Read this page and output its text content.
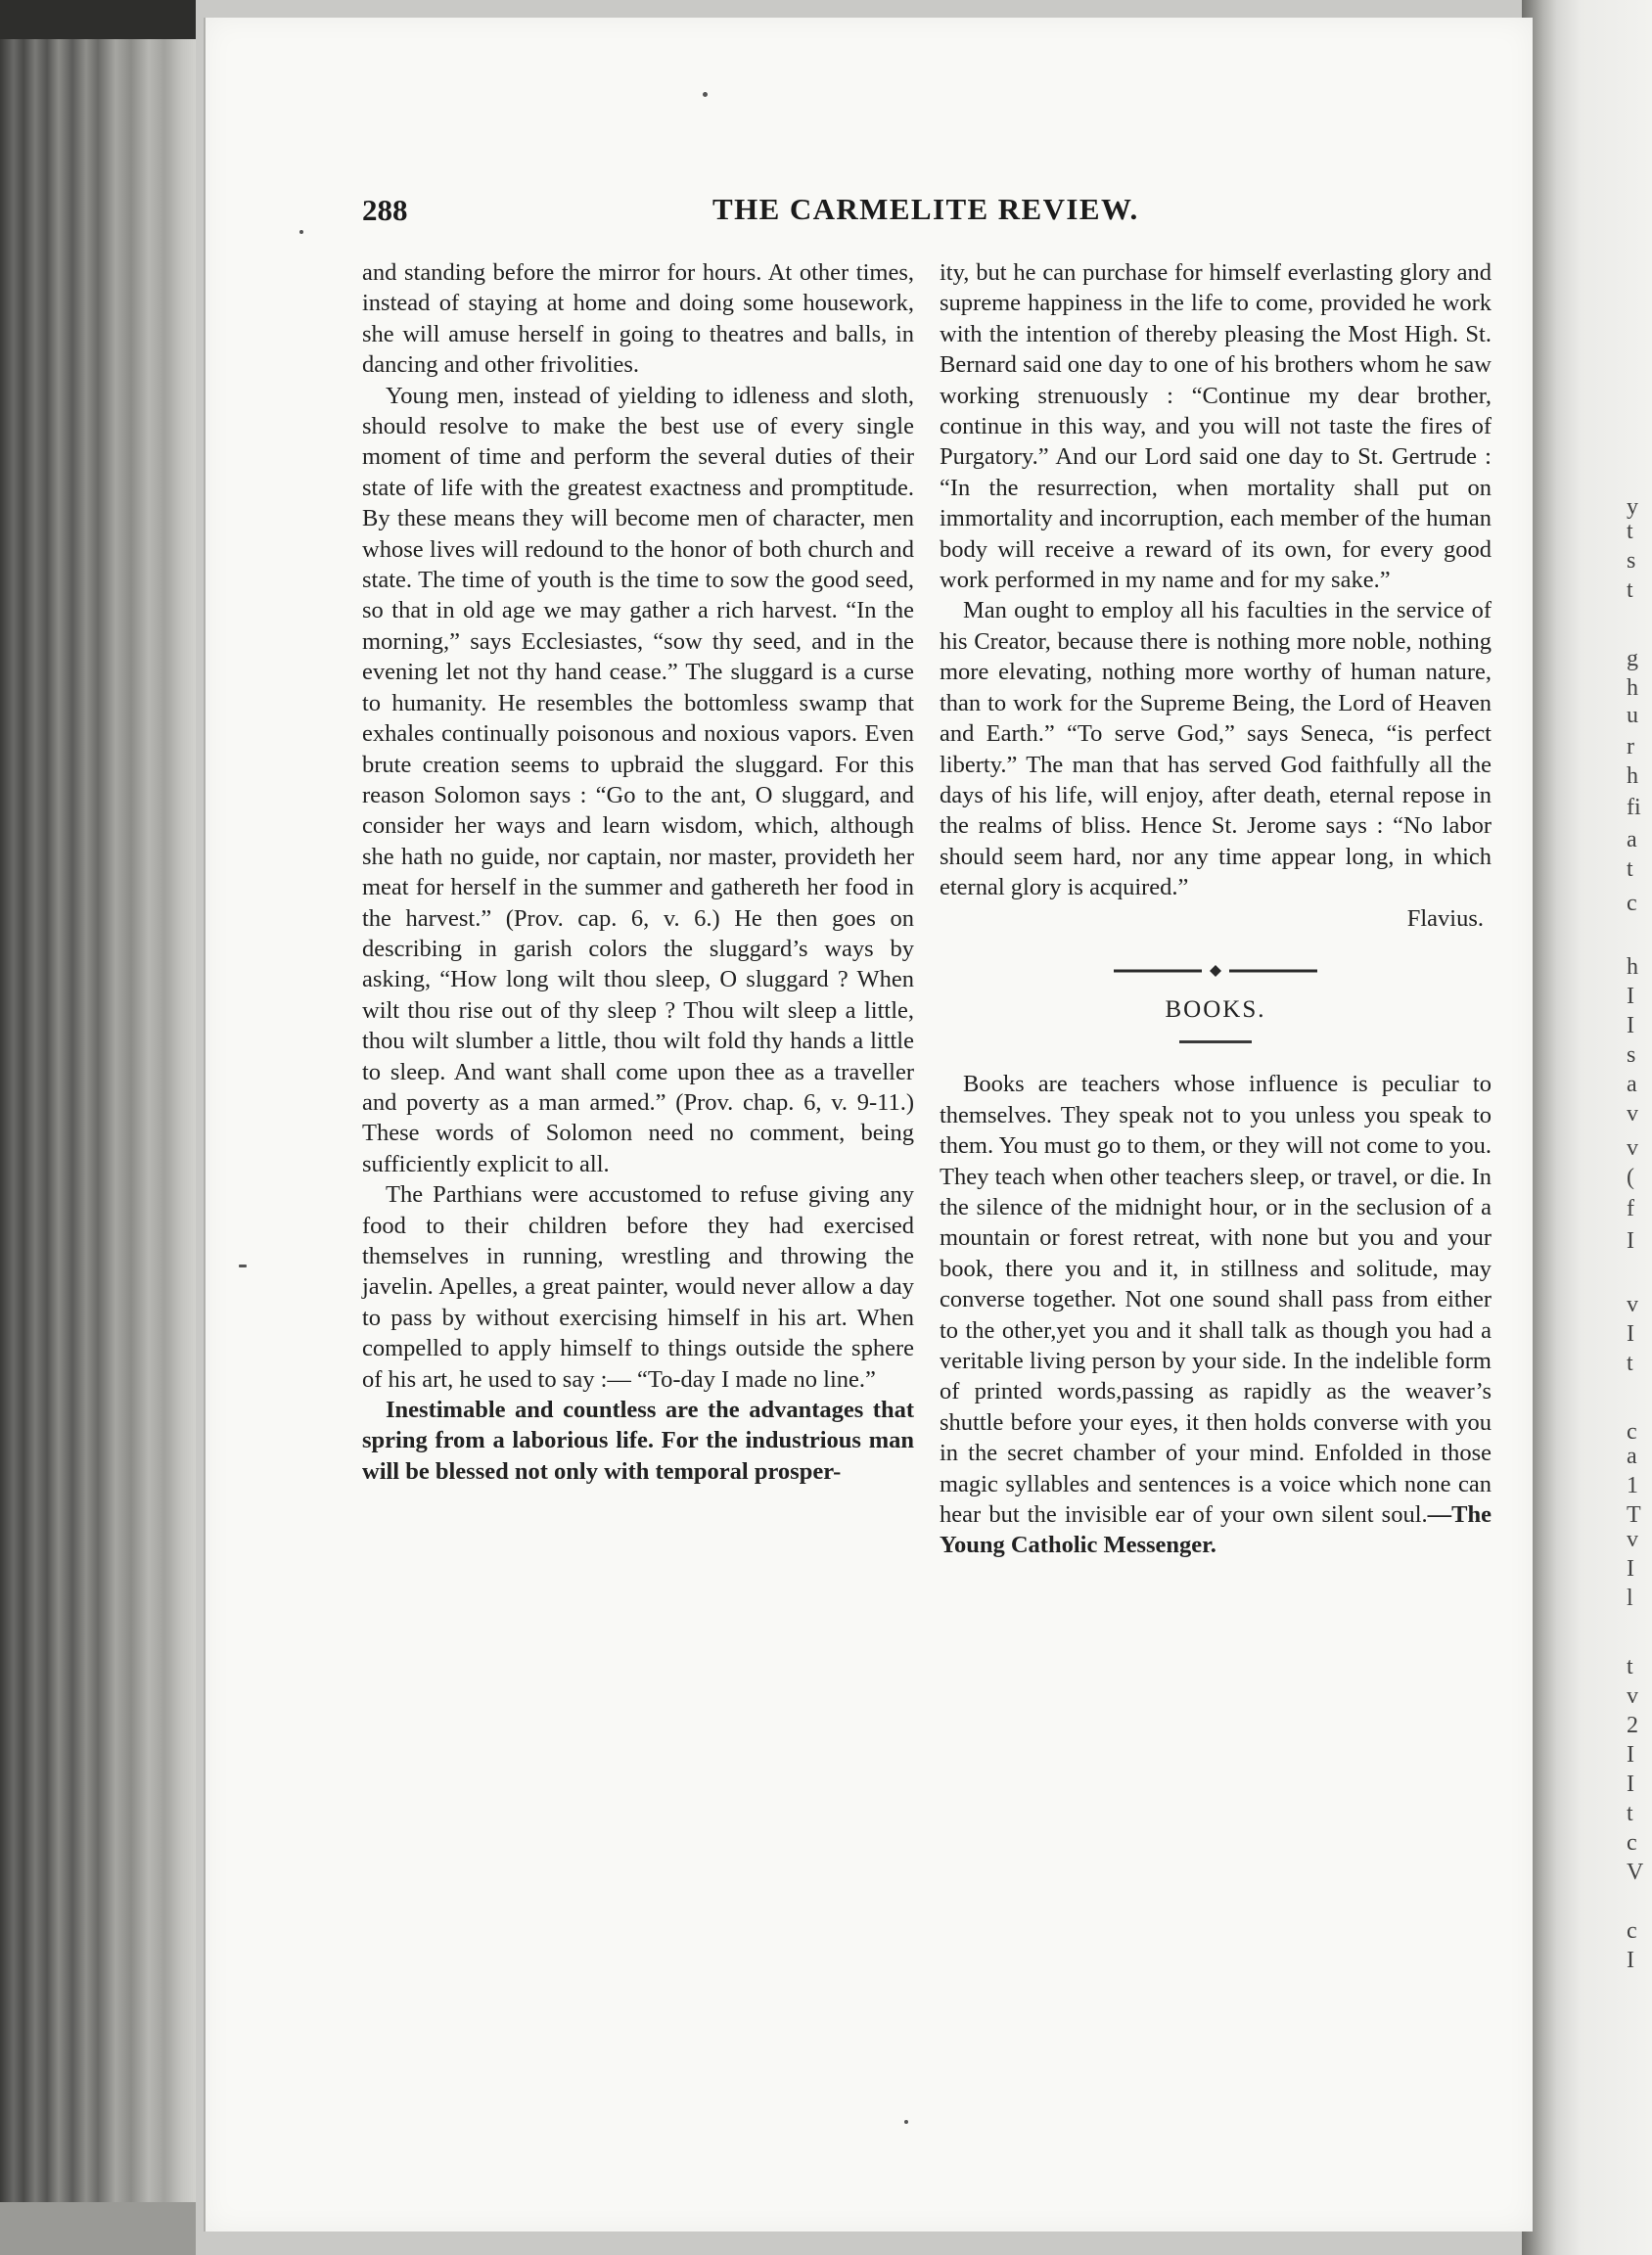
y
t
s
t
g
h
u
r
h
fi
a
t
c
h
I
I
s
a
v
v
(
f
I
v
I
t
c
a
1
T
v
I
l
t
v
2
I
I
t
c
V
c
I
288	THE CARMELITE REVIEW.

and standing before the mirror for hours. At other times, instead of staying at home and doing some housework, she will amuse herself in going to theatres and balls, in dancing and other frivolities.

Young men, instead of yielding to idleness and sloth, should resolve to make the best use of every single moment of time and perform the several duties of their state of life with the greatest exactness and promptitude. By these means they will become men of character, men whose lives will redound to the honor of both church and state. The time of youth is the time to sow the good seed, so that in old age we may gather a rich harvest. “In the morning,” says Ecclesiastes, “sow thy seed, and in the evening let not thy hand cease.” The sluggard is a curse to humanity. He resembles the bottomless swamp that exhales continually poisonous and noxious vapors. Even brute creation seems to upbraid the sluggard. For this reason Solomon says : “Go to the ant, O sluggard, and consider her ways and learn wisdom, which, although she hath no guide, nor captain, nor master, provideth her meat for herself in the summer and gathereth her food in the harvest.” (Prov. cap. 6, v. 6.) He then goes on describing in garish colors the sluggard’s ways by asking, “How long wilt thou sleep, O sluggard ? When wilt thou rise out of thy sleep ? Thou wilt sleep a little, thou wilt slumber a little, thou wilt fold thy hands a little to sleep. And want shall come upon thee as a traveller and poverty as a man armed.” (Prov. chap. 6, v. 9-11.) These words of Solomon need no comment, being sufficiently explicit to all.

The Parthians were accustomed to refuse giving any food to their children before they had exercised themselves in running, wrestling and throwing the javelin. Apelles, a great painter, would never allow a day to pass by without exercising himself in his art. When compelled to apply himself to things outside the sphere of his art, he used to say :— “To-day I made no line.”

Inestimable and countless are the advantages that spring from a laborious life. For the industrious man will be blessed not only with temporal prosper-

ity, but he can purchase for himself everlasting glory and supreme happiness in the life to come, provided he work with the intention of thereby pleasing the Most High. St. Bernard said one day to one of his brothers whom he saw working strenuously : “Continue my dear brother, continue in this way, and you will not taste the fires of Purgatory.” And our Lord said one day to St. Gertrude : “In the resurrection, when mortality shall put on immortality and incorruption, each member of the human body will receive a reward of its own, for every good work performed in my name and for my sake.”

Man ought to employ all his faculties in the service of his Creator, because there is nothing more noble, nothing more elevating, nothing more worthy of human nature, than to work for the Supreme Being, the Lord of Heaven and Earth.” “To serve God,” says Seneca, “is perfect liberty.” The man that has served God faithfully all the days of his life, will enjoy, after death, eternal repose in the realms of bliss. Hence St. Jerome says : “No labor should seem hard, nor any time appear long, in which eternal glory is acquired.”

Flavius.

BOOKS.

Books are teachers whose influence is peculiar to themselves. They speak not to you unless you speak to them. You must go to them, or they will not come to you. They teach when other teachers sleep, or travel, or die. In the silence of the midnight hour, or in the seclusion of a mountain or forest retreat, with none but you and your book, there you and it, in stillness and solitude, may converse together. Not one sound shall pass from either to the other,yet you and it shall talk as though you had a veritable living person by your side. In the indelible form of printed words,passing as rapidly as the weaver’s shuttle before your eyes, it then holds converse with you in the secret chamber of your mind. Enfolded in those magic syllables and sentences is a voice which none can hear but the invisible ear of your own silent soul.—The Young Catholic Messenger.
